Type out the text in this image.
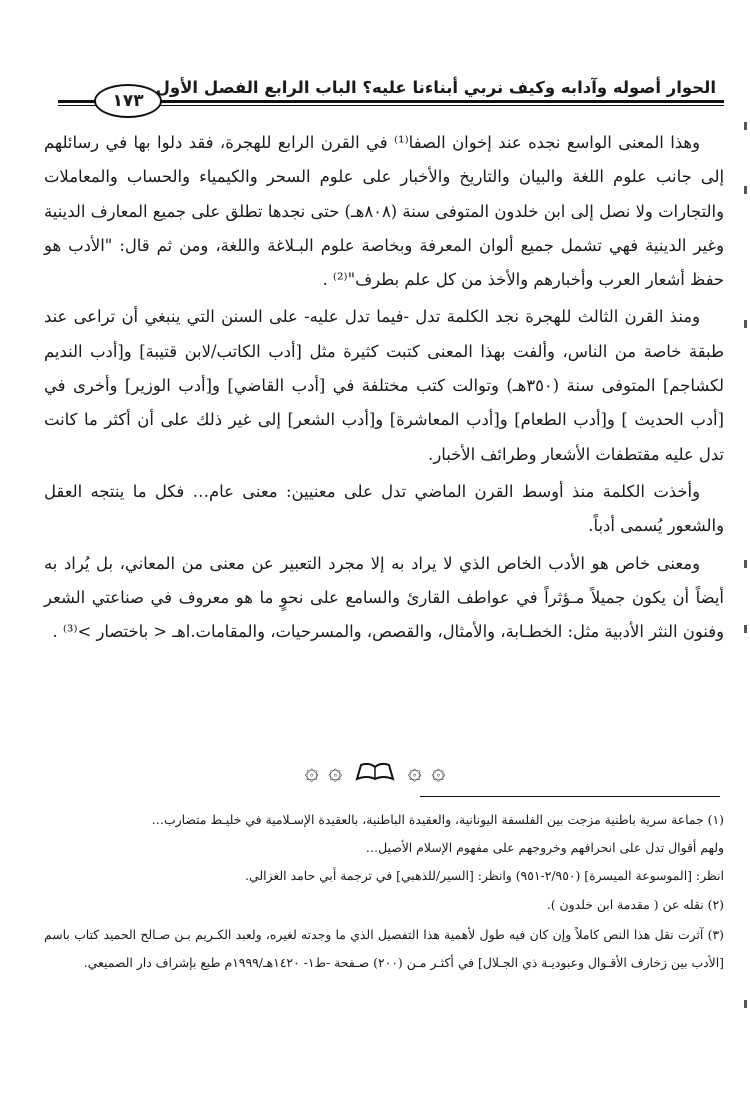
الحوار أصوله وآدابه وكيف نربي أبناءنا عليه؟ الباب الرابع الفصل الأول
١٧٣

وهذا المعنى الواسع نجده عند إخوان الصفا⁽¹⁾ في القرن الرابع للهجرة، فقد دلوا بها في رسائلهم إلى جانب علوم اللغة والبيان والتاريخ والأخبار على علوم السحر والكيمياء والحساب والمعاملات والتجارات ولا نصل إلى ابن خلدون المتوفى سنة (٨٠٨هـ) حتى نجدها تطلق على جميع المعارف الدينية وغير الدينية فهي تشمل جميع ألوان المعرفة وبخاصة علوم البـلاغة واللغة، ومن ثم قال: "الأدب هو حفظ أشعار العرب وأخبارهم والأخذ من كل علم بطرف"⁽²⁾ .

ومنذ القرن الثالث للهجرة نجد الكلمة تدل -فيما تدل عليه- على السنن التي ينبغي أن تراعى عند طبقة خاصة من الناس، وألفت بهذا المعنى كتبت كثيرة مثل [أدب الكاتب/لابن قتيبة] و[أدب النديم لكشاجم] المتوفى سنة (٣٥٠هـ) وتوالت كتب مختلفة في [أدب القاضي] و[أدب الوزير] وأخرى في [أدب الحديث ] و[أدب الطعام] و[أدب المعاشرة] و[أدب الشعر] إلى غير ذلك على أن أكثر ما كانت تدل عليه مقتطفات الأشعار وطرائف الأخبار.

وأخذت الكلمة منذ أوسط القرن الماضي تدل على معنيين: معنى عام… فكل ما ينتجه العقل والشعور يُسمى أدباً.

ومعنى خاص هو الأدب الخاص الذي لا يراد به إلا مجرد التعبير عن معنى من المعاني، بل يُراد به أيضاً أن يكون جميلاً مـؤثراً في عواطف القارئ والسامع على نحوٍ ما هو معروف في صناعتي الشعر وفنون النثر الأدبية مثل: الخطـابة، والأمثال، والقصص، والمسرحيات، والمقامات.اهـ < باختصار >⁽³⁾ .

۞ ۞	۞ ۞

(١) جماعة سرية باطنية مزجت بين الفلسفة اليونانية، والعقيدة الباطنية، بالعقيدة الإسـلامية في خليـط متضارب…

ولهم أقوال تدل على انحرافهم وخروجهم على مفهوم الإسلام الأصيل…

انظر: [الموسوعة الميسرة] (٢/٩٥٠-٩٥١) وانظر: [السير/للذهبي] في ترجمة أبي حامد الغزالي.

(٢) نقله عن ( مقدمة ابن خلدون ).

(٣) آثرت نقل هذا النص كاملاً وإن كان فيه طول لأهمية هذا التفصيل الذي ما وجدته لغيره، ولعبد الكـريم بـن صـالح الحميد كتاب باسم [الأدب بين زخارف الأقـوال وعبوديـة ذي الجـلال] في أكثـر مـن (٢٠٠) صـفحة -ط١- ١٤٢٠هـ/١٩٩٩م طبع بإشراف دار الصميعي.
